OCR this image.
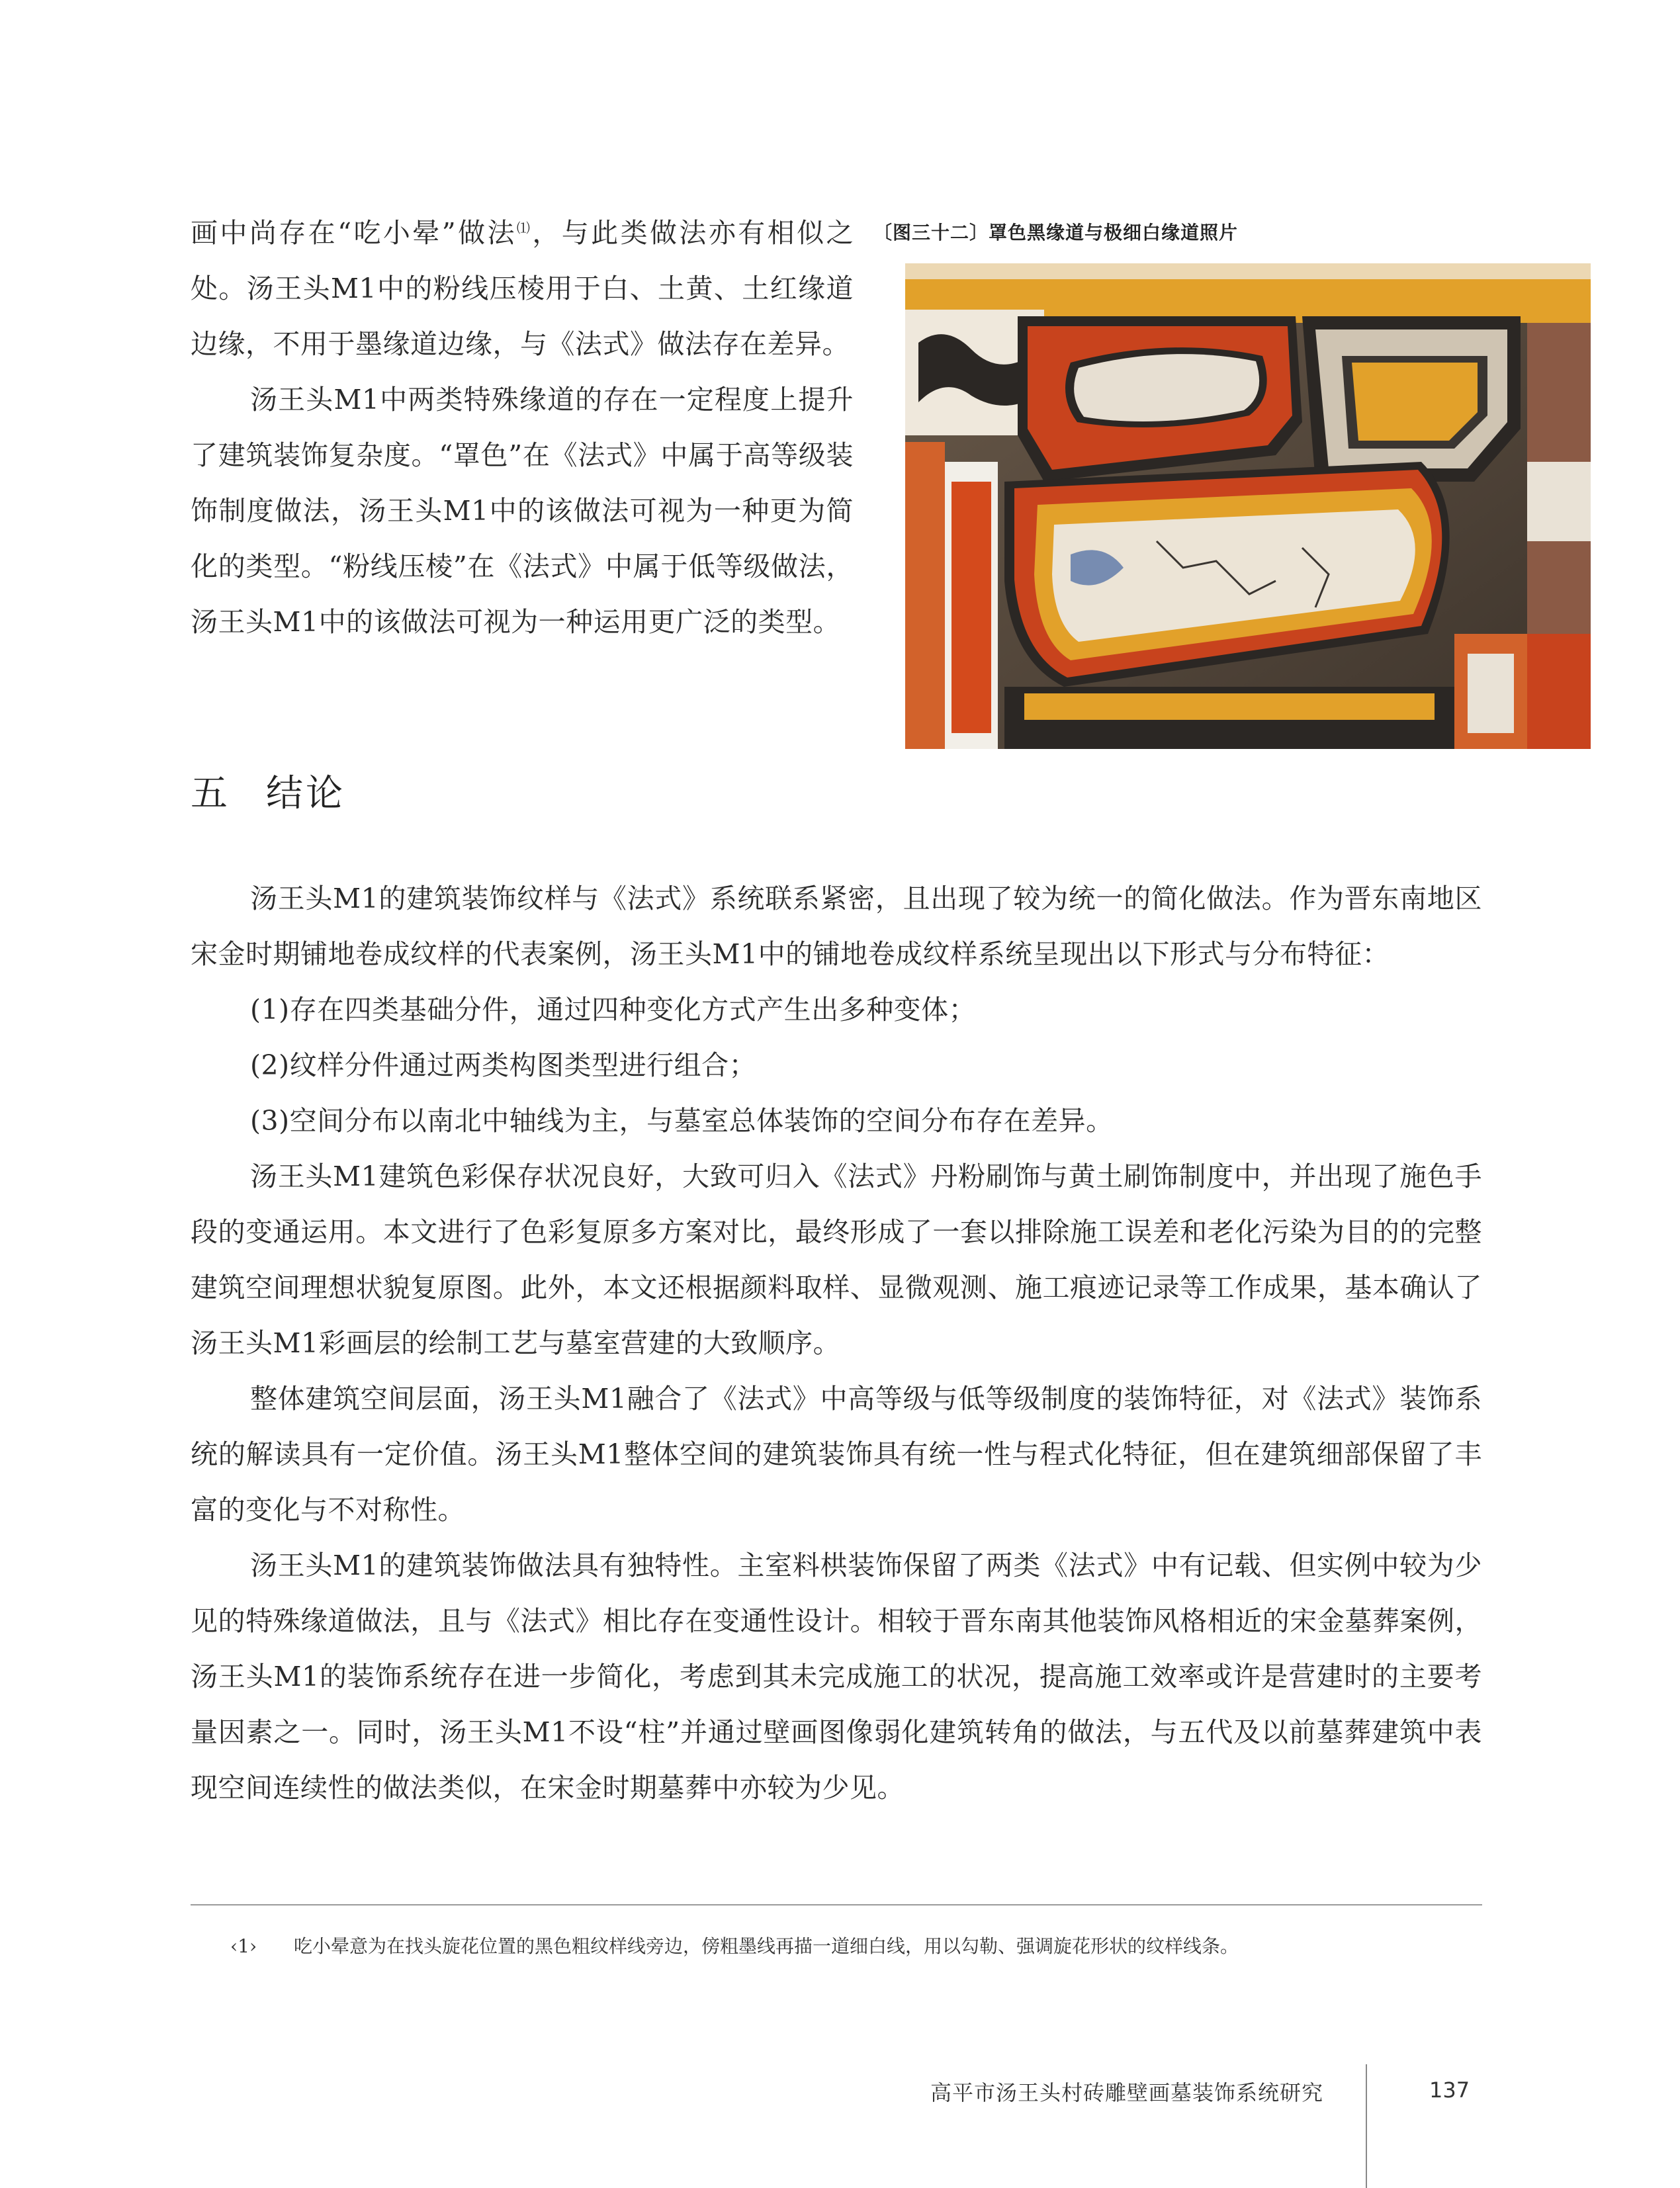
画中尚存在“吃小晕”做法⑴，与此类做法亦有相似之处。汤王头M1中的粉线压棱用于白、土黄、土红缘道边缘，不用于墨缘道边缘，与《法式》做法存在差异。

汤王头M1中两类特殊缘道的存在一定程度上提升了建筑装饰复杂度。“罩色”在《法式》中属于高等级装饰制度做法，汤王头M1中的该做法可视为一种更为简化的类型。“粉线压棱”在《法式》中属于低等级做法，汤王头M1中的该做法可视为一种运用更广泛的类型。

〔图三十二〕罩色黑缘道与极细白缘道照片
五 结论

汤王头M1的建筑装饰纹样与《法式》系统联系紧密，且出现了较为统一的简化做法。作为晋东南地区宋金时期铺地卷成纹样的代表案例，汤王头M1中的铺地卷成纹样系统呈现出以下形式与分布特征：

(1)存在四类基础分件，通过四种变化方式产生出多种变体；

(2)纹样分件通过两类构图类型进行组合；

(3)空间分布以南北中轴线为主，与墓室总体装饰的空间分布存在差异。

汤王头M1建筑色彩保存状况良好，大致可归入《法式》丹粉刷饰与黄土刷饰制度中，并出现了施色手段的变通运用。本文进行了色彩复原多方案对比，最终形成了一套以排除施工误差和老化污染为目的的完整建筑空间理想状貌复原图。此外，本文还根据颜料取样、显微观测、施工痕迹记录等工作成果，基本确认了汤王头M1彩画层的绘制工艺与墓室营建的大致顺序。

整体建筑空间层面，汤王头M1融合了《法式》中高等级与低等级制度的装饰特征，对《法式》装饰系统的解读具有一定价值。汤王头M1整体空间的建筑装饰具有统一性与程式化特征，但在建筑细部保留了丰富的变化与不对称性。

汤王头M1的建筑装饰做法具有独特性。主室料栱装饰保留了两类《法式》中有记载、但实例中较为少见的特殊缘道做法，且与《法式》相比存在变通性设计。相较于晋东南其他装饰风格相近的宋金墓葬案例，汤王头M1的装饰系统存在进一步简化，考虑到其未完成施工的状况，提高施工效率或许是营建时的主要考量因素之一。同时，汤王头M1不设“柱”并通过壁画图像弱化建筑转角的做法，与五代及以前墓葬建筑中表现空间连续性的做法类似，在宋金时期墓葬中亦较为少见。

‹1› 吃小晕意为在找头旋花位置的黑色粗纹样线旁边，傍粗墨线再描一道细白线，用以勾勒、强调旋花形状的纹样线条。
高平市汤王头村砖雕壁画墓装饰系统研究	137
